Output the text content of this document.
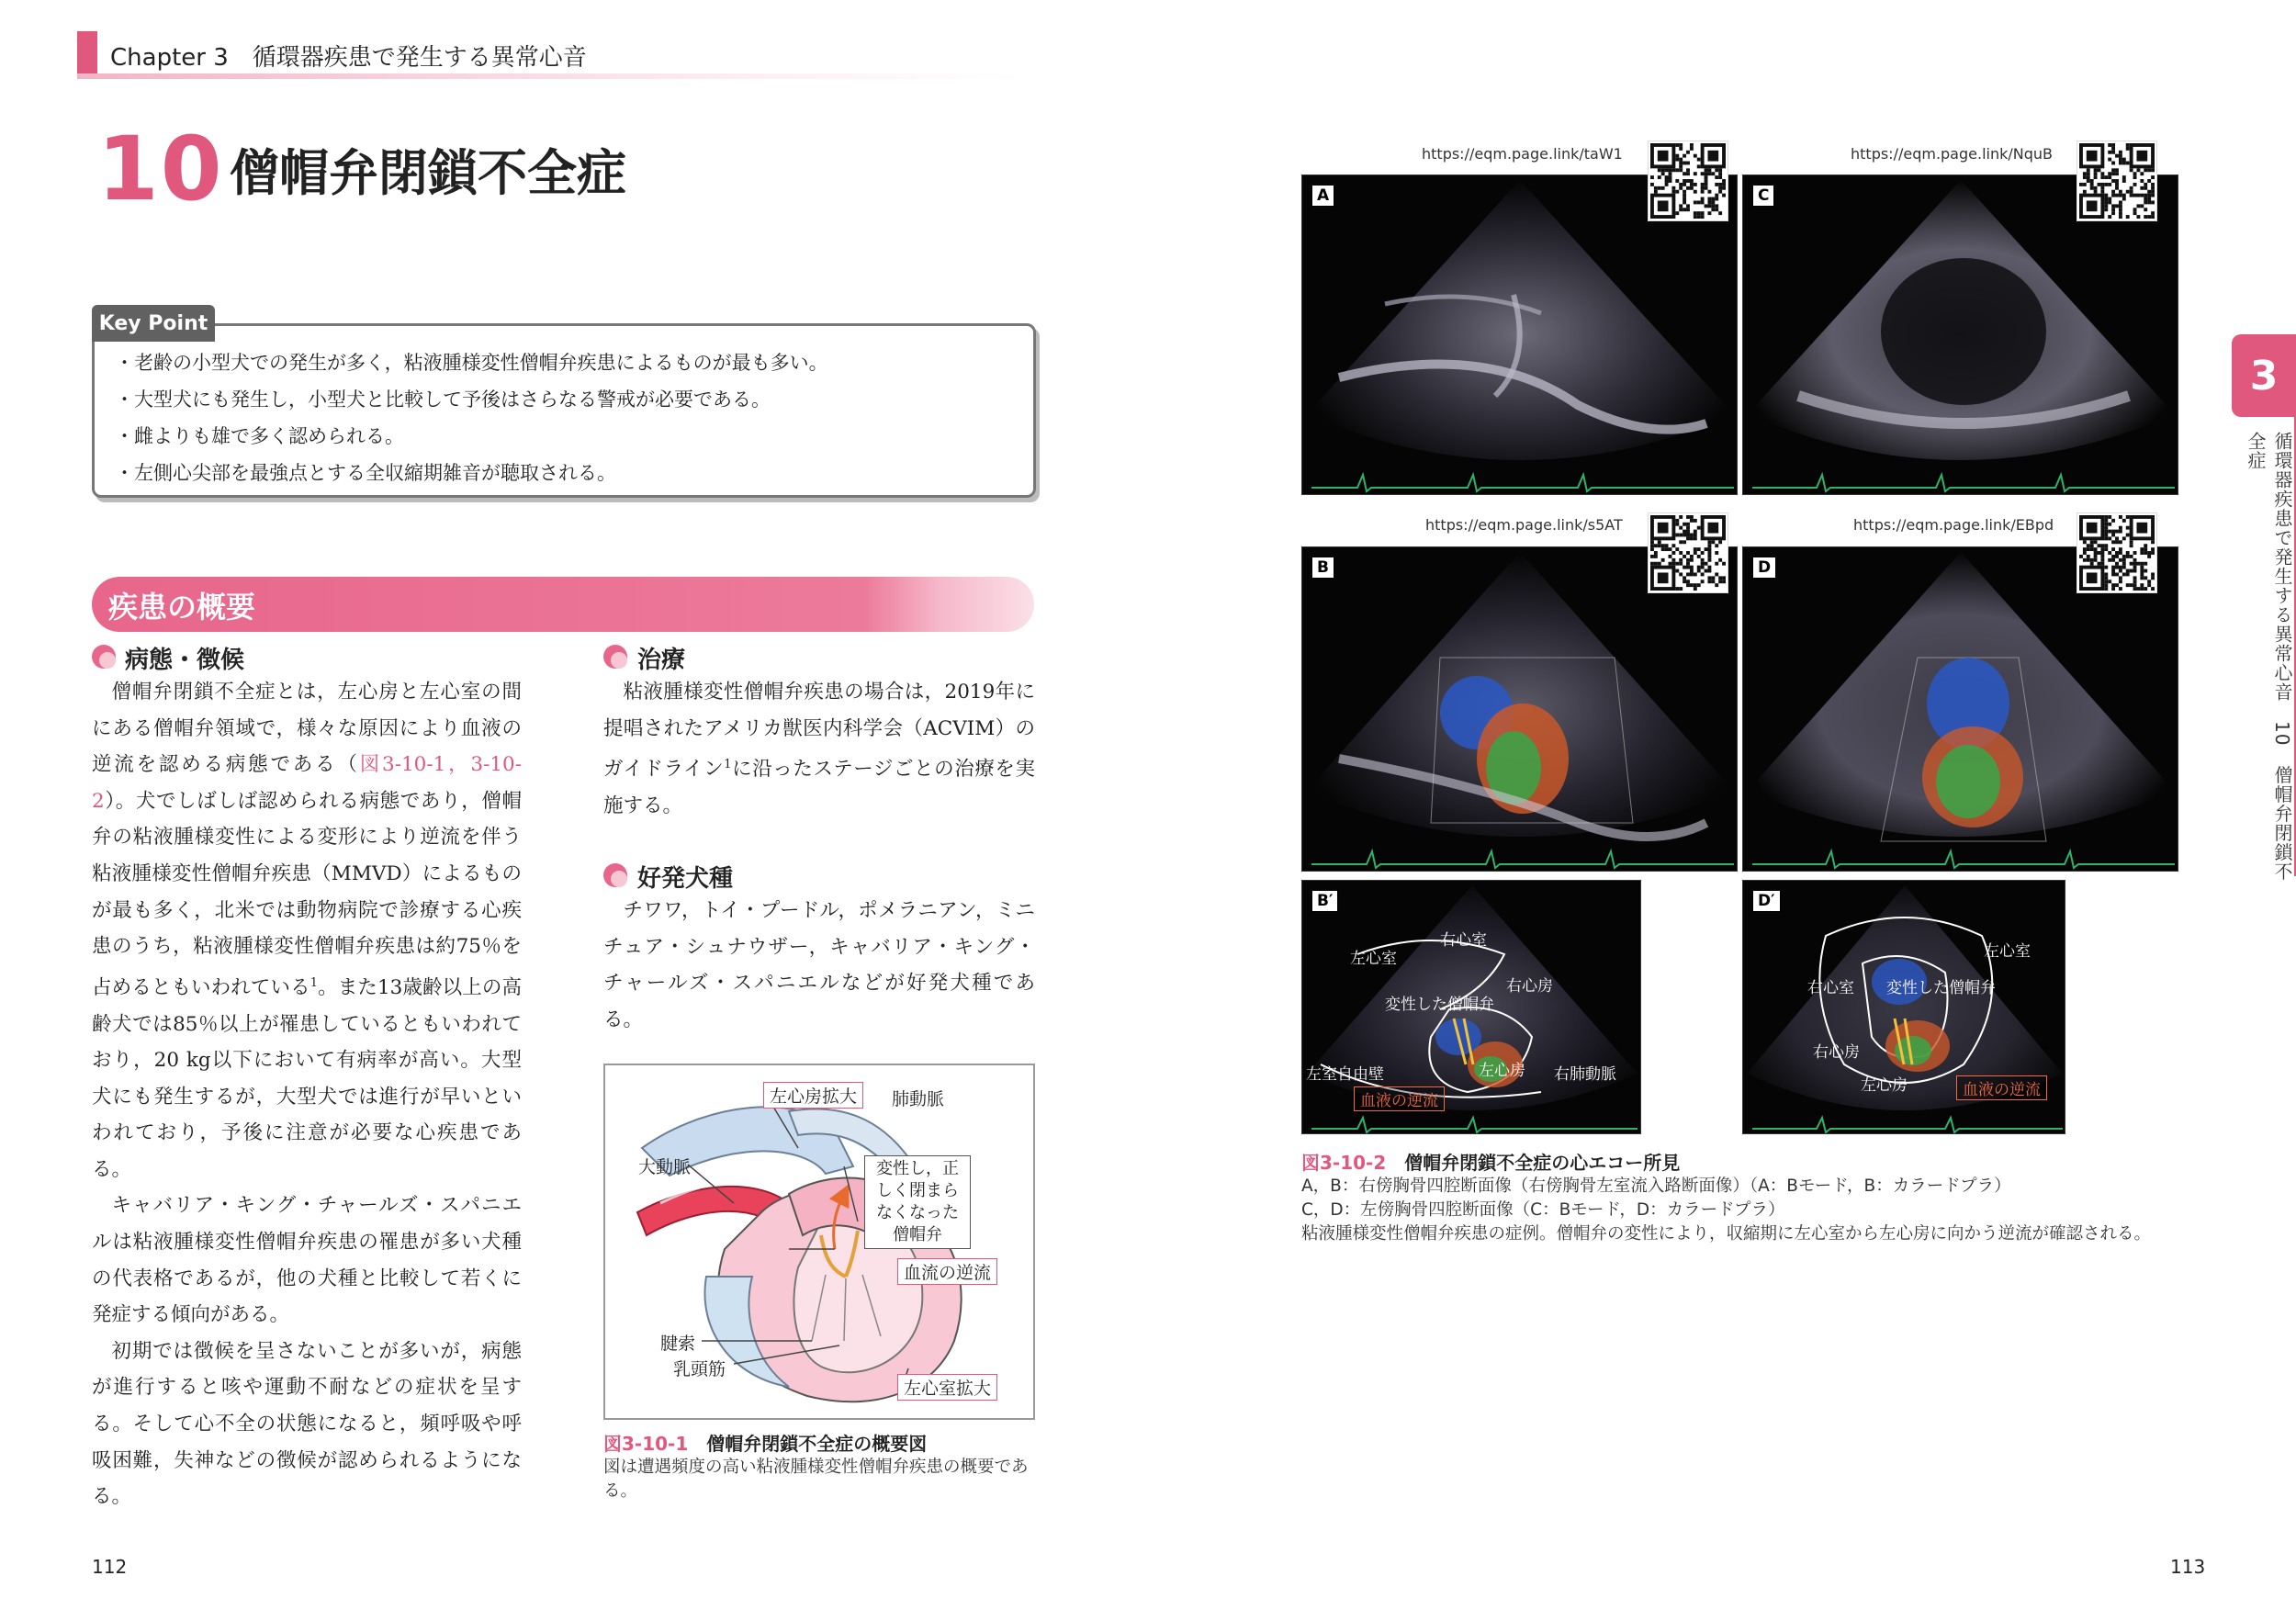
Chapter 3　循環器疾患で発生する異常心音
10 僧帽弁閉鎖不全症
・老齢の小型犬での発生が多く，粘液腫様変性僧帽弁疾患によるものが最も多い。
・大型犬にも発生し，小型犬と比較して予後はさらなる警戒が必要である。
・雌よりも雄で多く認められる。
・左側心尖部を最強点とする全収縮期雑音が聴取される。
Key Point
疾患の概要
病態・徴候

僧帽弁閉鎖不全症とは，左心房と左心室の間にある僧帽弁領域で，様々な原因により血液の逆流を認める病態である（図3-10-1，3-10-2）。犬でしばしば認められる病態であり，僧帽弁の粘液腫様変性による変形により逆流を伴う粘液腫様変性僧帽弁疾患（MMVD）によるものが最も多く，北米では動物病院で診療する心疾患のうち，粘液腫様変性僧帽弁疾患は約75％を占めるともいわれている$^1$。また13歳齢以上の高齢犬では85％以上が罹患しているともいわれており，20 kg以下において有病率が高い。大型犬にも発生するが，大型犬では進行が早いといわれており，予後に注意が必要な心疾患である。

キャバリア・キング・チャールズ・スパニエルは粘液腫様変性僧帽弁疾患の罹患が多い犬種の代表格であるが，他の犬種と比較して若くに発症する傾向がある。

初期では徴候を呈さないことが多いが，病態が進行すると咳や運動不耐などの症状を呈する。そして心不全の状態になると，頻呼吸や呼吸困難，失神などの徴候が認められるようになる。

治療

粘液腫様変性僧帽弁疾患の場合は，2019年に提唱されたアメリカ獣医内科学会（ACVIM）のガイドライン$^1$に沿ったステージごとの治療を実施する。

好発犬種

チワワ，トイ・プードル，ポメラニアン，ミニチュア・シュナウザー，キャバリア・キング・チャールズ・スパニエルなどが好発犬種である。

左心房拡大	肺動脈
大動脈	変性し，正しく閉まらなくなった僧帽弁
血流の逆流
腱索
乳頭筋
左心室拡大
図3-10-1 僧帽弁閉鎖不全症の概要図
図は遭遇頻度の高い粘液腫様変性僧帽弁疾患の概要である。
112
https://eqm.page.link/taW1
A
https://eqm.page.link/NquB
C
https://eqm.page.link/s5AT
B
https://eqm.page.link/EBpd
D
B′
右心室
左心室
右心房
変性した僧帽弁
左室自由壁	左心房 右肺動脈
血液の逆流
D′
左心室
右心室 変性した僧帽弁
右心房
左心房	血液の逆流
図3-10-2 僧帽弁閉鎖不全症の心エコー所見
A，B：右傍胸骨四腔断面像（右傍胸骨左室流入路断面像）（A：Bモード，B：カラードプラ）
C，D：左傍胸骨四腔断面像（C：Bモード，D：カラードプラ）
粘液腫様変性僧帽弁疾患の症例。僧帽弁の変性により，収縮期に左心室から左心房に向かう逆流が確認される。
113
3
循環器疾患で発生する異常心音　10　僧帽弁閉鎖不全症
